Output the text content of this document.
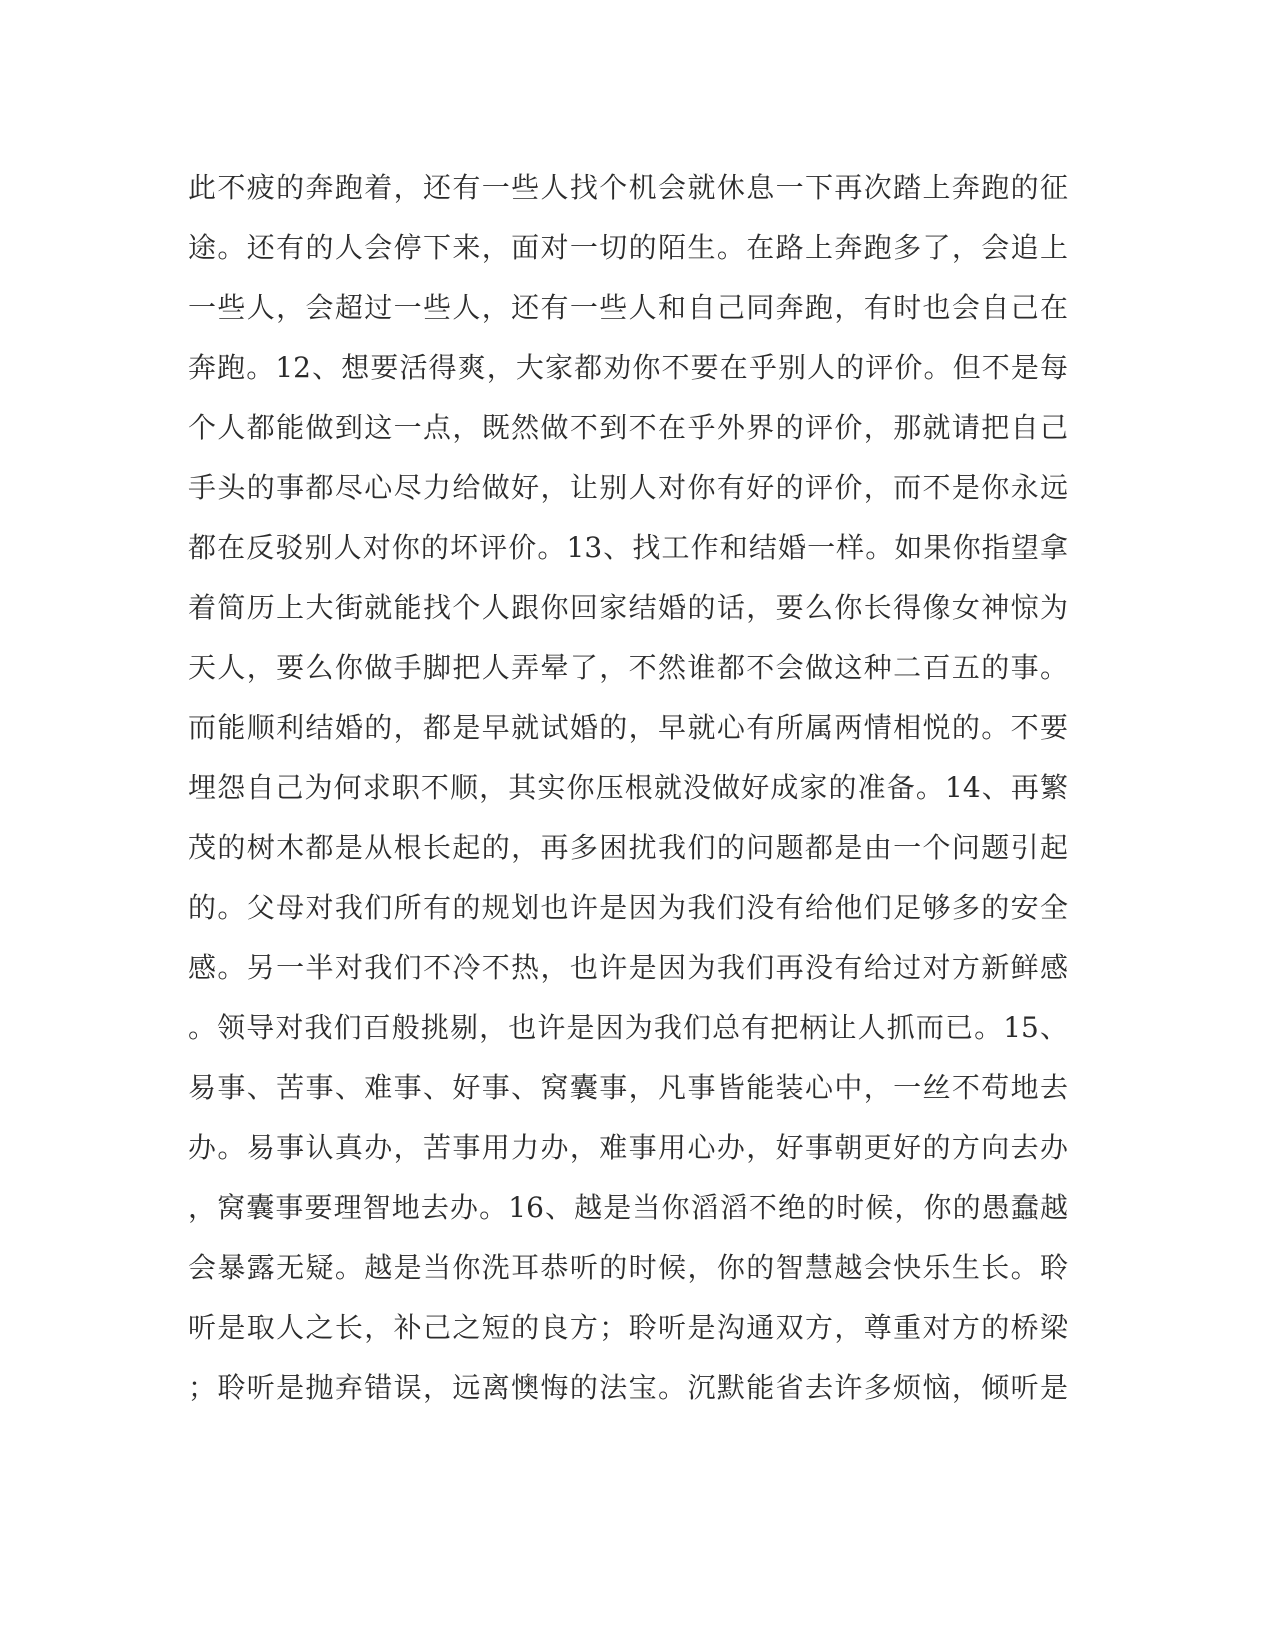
此不疲的奔跑着，还有一些人找个机会就休息一下再次踏上奔跑的征
途。还有的人会停下来，面对一切的陌生。在路上奔跑多了，会追上
一些人，会超过一些人，还有一些人和自己同奔跑，有时也会自己在
奔跑。12、想要活得爽，大家都劝你不要在乎别人的评价。但不是每
个人都能做到这一点，既然做不到不在乎外界的评价，那就请把自己
手头的事都尽心尽力给做好，让别人对你有好的评价，而不是你永远
都在反驳别人对你的坏评价。13、找工作和结婚一样。如果你指望拿
着简历上大街就能找个人跟你回家结婚的话，要么你长得像女神惊为
天人，要么你做手脚把人弄晕了，不然谁都不会做这种二百五的事。
而能顺利结婚的，都是早就试婚的，早就心有所属两情相悦的。不要
埋怨自己为何求职不顺，其实你压根就没做好成家的准备。14、再繁
茂的树木都是从根长起的，再多困扰我们的问题都是由一个问题引起
的。父母对我们所有的规划也许是因为我们没有给他们足够多的安全
感。另一半对我们不冷不热，也许是因为我们再没有给过对方新鲜感
。领导对我们百般挑剔，也许是因为我们总有把柄让人抓而已。15、
易事、苦事、难事、好事、窝囊事，凡事皆能装心中，一丝不苟地去
办。易事认真办，苦事用力办，难事用心办，好事朝更好的方向去办
，窝囊事要理智地去办。16、越是当你滔滔不绝的时候，你的愚蠢越
会暴露无疑。越是当你洗耳恭听的时候，你的智慧越会快乐生长。聆
听是取人之长，补己之短的良方；聆听是沟通双方，尊重对方的桥梁
；聆听是抛弃错误，远离懊悔的法宝。沉默能省去许多烦恼，倾听是
